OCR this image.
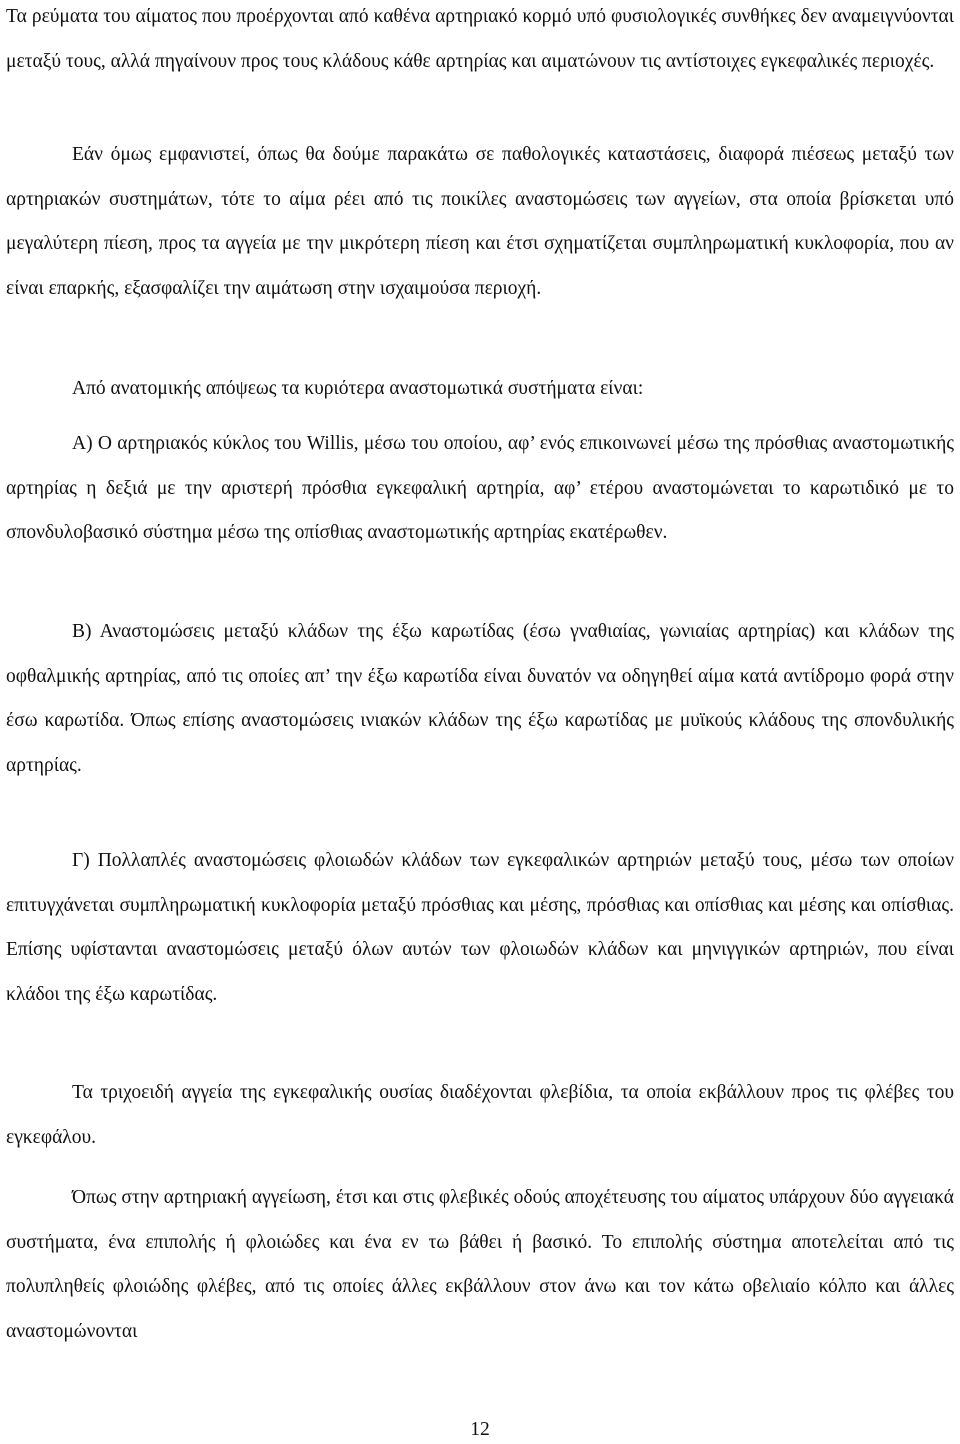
Τα ρεύματα του αίματος που προέρχονται από καθένα αρτηριακό κορμό υπό φυσιολογικές συνθήκες δεν αναμειγνύονται μεταξύ τους, αλλά πηγαίνουν προς τους κλάδους κάθε αρτηρίας και αιματώνουν τις αντίστοιχες εγκεφαλικές περιοχές.

Εάν όμως εμφανιστεί, όπως θα δούμε παρακάτω σε παθολογικές καταστάσεις, διαφορά πιέσεως μεταξύ των αρτηριακών συστημάτων, τότε το αίμα ρέει από τις ποικίλες αναστομώσεις των αγγείων, στα οποία βρίσκεται υπό μεγαλύτερη πίεση, προς τα αγγεία με την μικρότερη πίεση και έτσι σχηματίζεται συμπληρωματική κυκλοφορία, που αν είναι επαρκής, εξασφαλίζει την αιμάτωση στην ισχαιμούσα περιοχή.

Από ανατομικής απόψεως τα κυριότερα αναστομωτικά συστήματα είναι:

Α) Ο αρτηριακός κύκλος του Willis, μέσω του οποίου, αφ’ ενός επικοινωνεί μέσω της πρόσθιας αναστομωτικής αρτηρίας η δεξιά με την αριστερή πρόσθια εγκεφαλική αρτηρία, αφ’ ετέρου αναστομώνεται το καρωτιδικό με το σπονδυλοβασικό σύστημα μέσω της οπίσθιας αναστομωτικής αρτηρίας εκατέρωθεν.

Β) Αναστομώσεις μεταξύ κλάδων της έξω καρωτίδας (έσω γναθιαίας, γωνιαίας αρτηρίας) και κλάδων της οφθαλμικής αρτηρίας, από τις οποίες απ’ την έξω καρωτίδα είναι δυνατόν να οδηγηθεί αίμα κατά αντίδρομο φορά στην έσω καρωτίδα. Όπως επίσης αναστομώσεις ινιακών κλάδων της έξω καρωτίδας με μυϊκούς κλάδους της σπονδυλικής αρτηρίας.

Γ) Πολλαπλές αναστομώσεις φλοιωδών κλάδων των εγκεφαλικών αρτηριών μεταξύ τους, μέσω των οποίων επιτυγχάνεται συμπληρωματική κυκλοφορία μεταξύ πρόσθιας και μέσης, πρόσθιας και οπίσθιας και μέσης και οπίσθιας. Επίσης υφίστανται αναστομώσεις μεταξύ όλων αυτών των φλοιωδών κλάδων και μηνιγγικών αρτηριών, που είναι κλάδοι της έξω καρωτίδας.

Τα τριχοειδή αγγεία της εγκεφαλικής ουσίας διαδέχονται φλεβίδια, τα οποία εκβάλλουν προς τις φλέβες του εγκεφάλου.

Όπως στην αρτηριακή αγγείωση, έτσι και στις φλεβικές οδούς αποχέτευσης του αίματος υπάρχουν δύο αγγειακά συστήματα, ένα επιπολής ή φλοιώδες και ένα εν τω βάθει ή βασικό. Το επιπολής σύστημα αποτελείται από τις πολυπληθείς φλοιώδης φλέβες, από τις οποίες άλλες εκβάλλουν στον άνω και τον κάτω οβελιαίο κόλπο και άλλες αναστομώνονται

12
